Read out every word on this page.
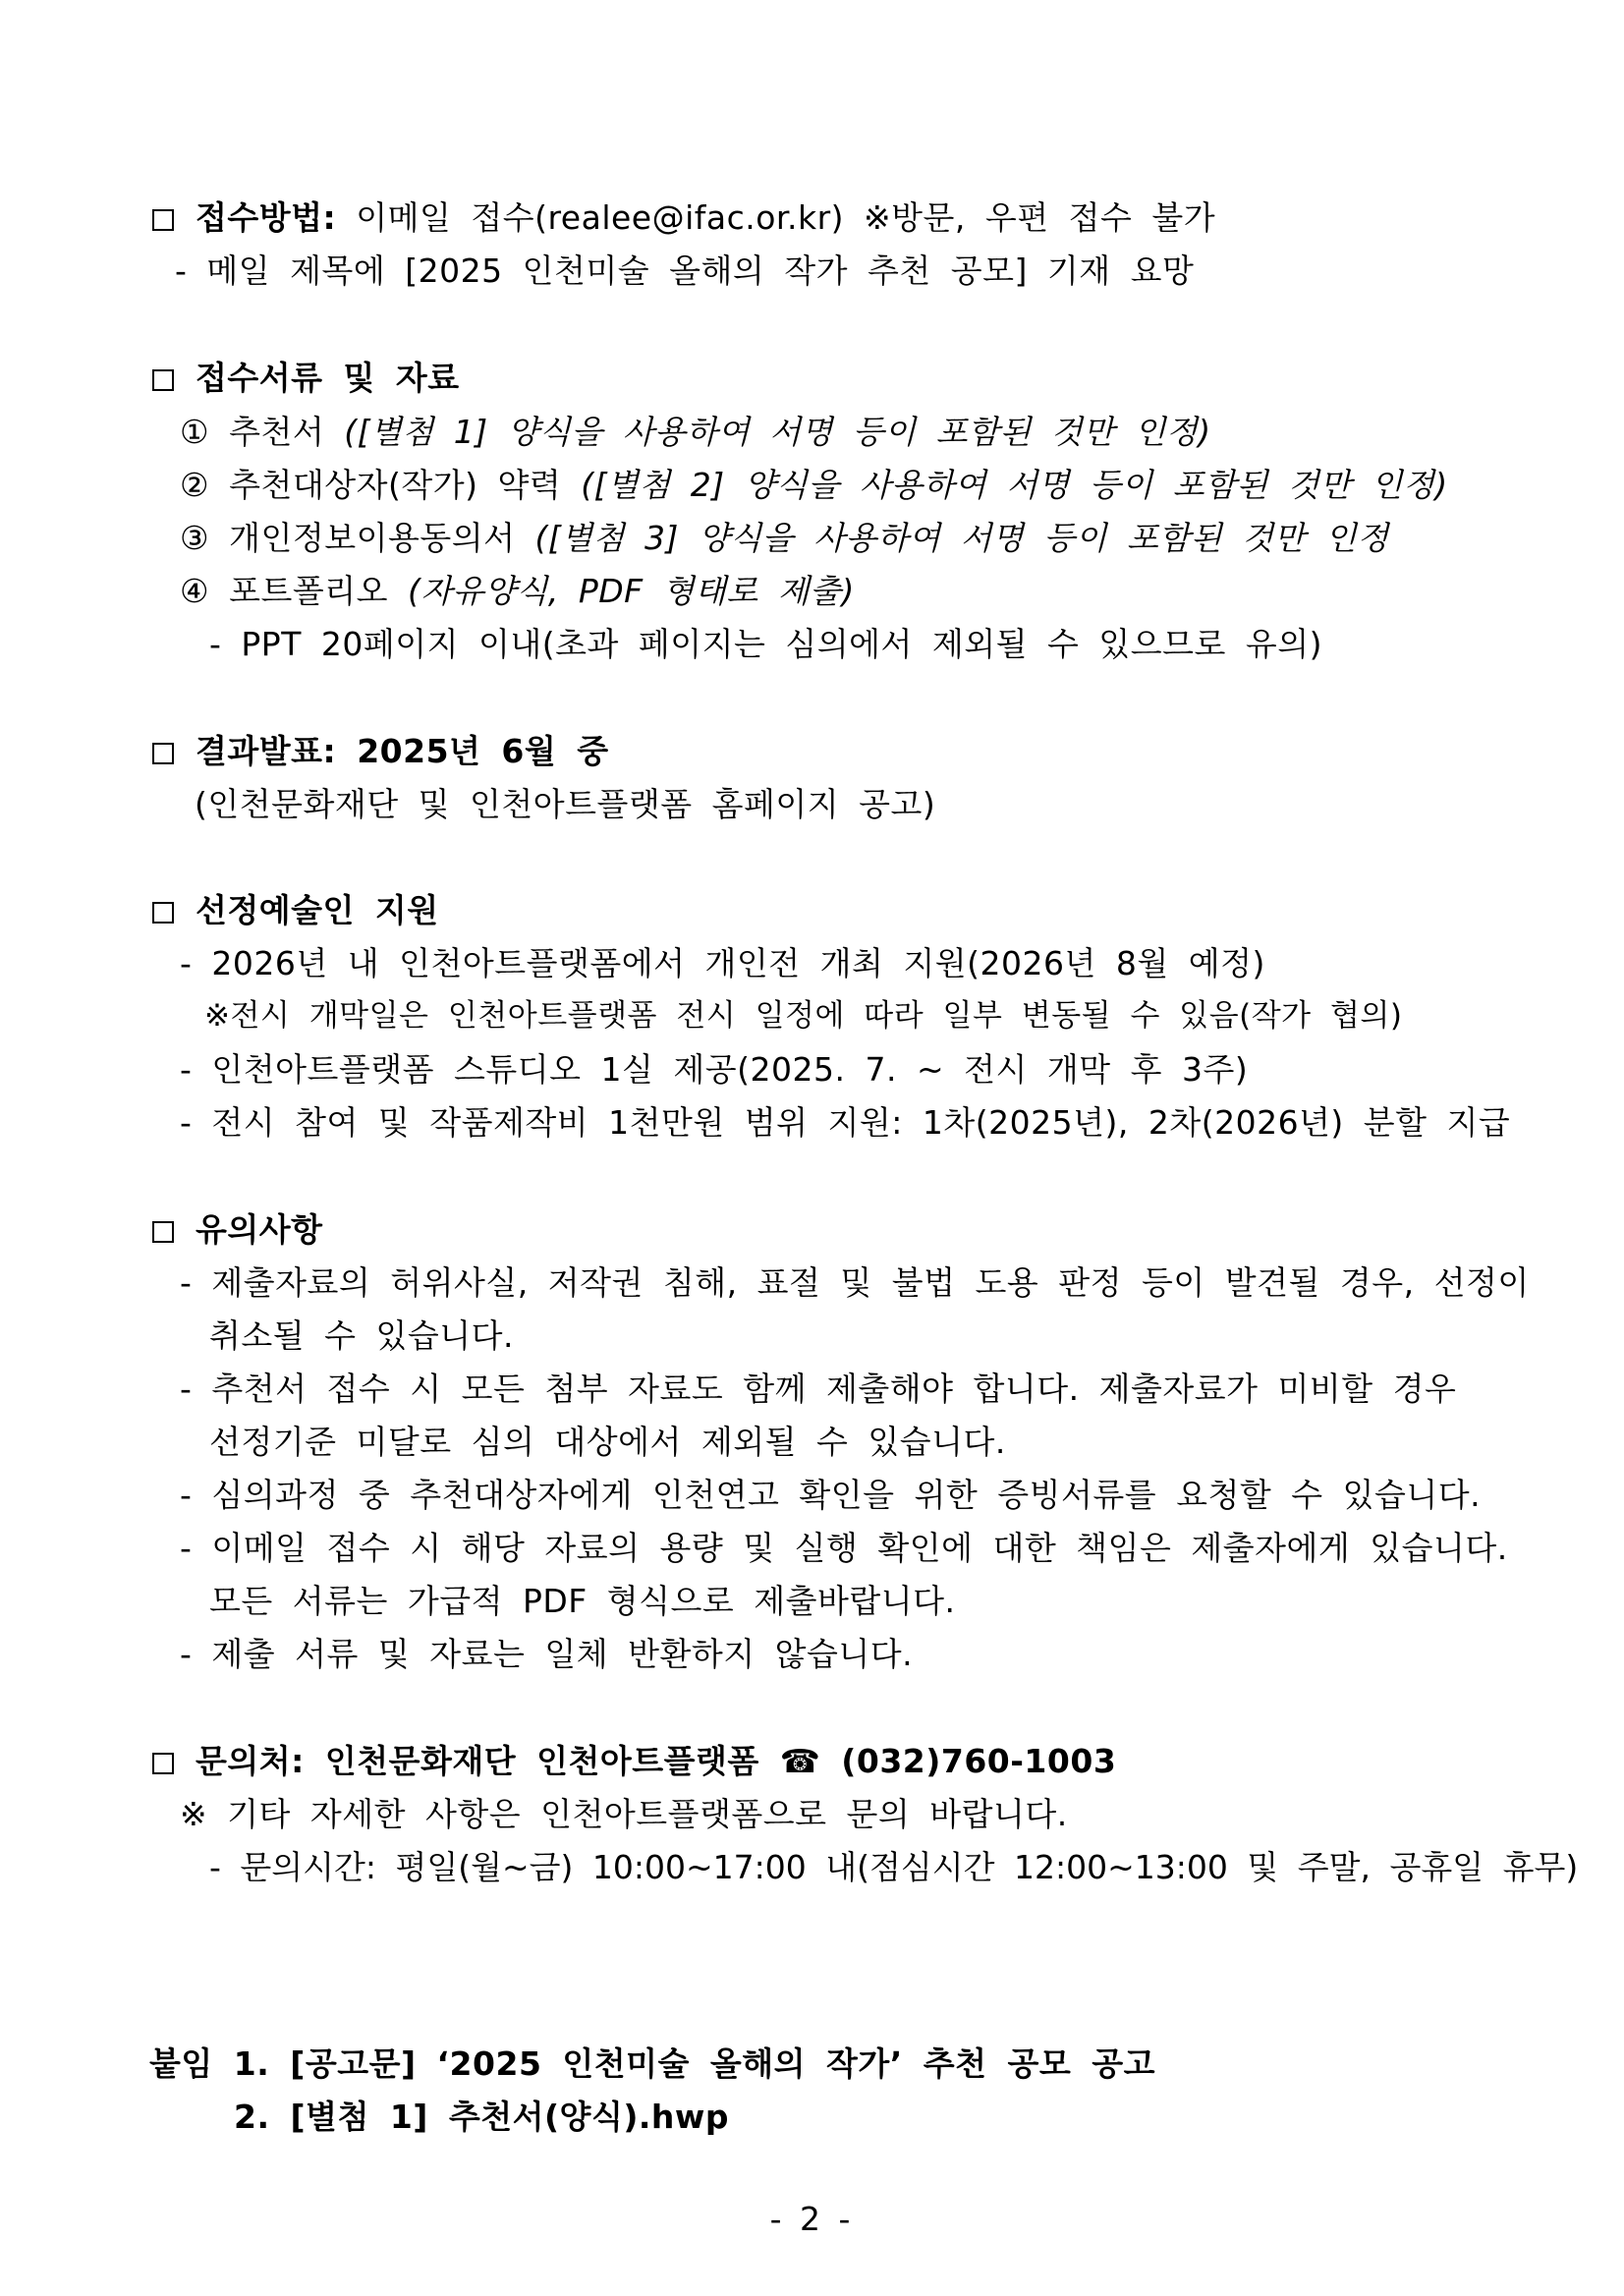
접수방법: 이메일 접수(realee@ifac.or.kr) ※방문, 우편 접수 불가
- 메일 제목에 [2025 인천미술 올해의 작가 추천 공모] 기재 요망
접수서류 및 자료
① 추천서 ([별첨 1] 양식을 사용하여 서명 등이 포함된 것만 인정)
② 추천대상자(작가) 약력 ([별첨 2] 양식을 사용하여 서명 등이 포함된 것만 인정)
③ 개인정보이용동의서 ([별첨 3] 양식을 사용하여 서명 등이 포함된 것만 인정
④ 포트폴리오 (자유양식, PDF 형태로 제출)
- PPT 20페이지 이내(초과 페이지는 심의에서 제외될 수 있으므로 유의)
결과발표: 2025년 6월 중
(인천문화재단 및 인천아트플랫폼 홈페이지 공고)
선정예술인 지원
- 2026년 내 인천아트플랫폼에서 개인전 개최 지원(2026년 8월 예정)
※전시 개막일은 인천아트플랫폼 전시 일정에 따라 일부 변동될 수 있음(작가 협의)
- 인천아트플랫폼 스튜디오 1실 제공(2025. 7. ~ 전시 개막 후 3주)
- 전시 참여 및 작품제작비 1천만원 범위 지원: 1차(2025년), 2차(2026년) 분할 지급
유의사항
- 제출자료의 허위사실, 저작권 침해, 표절 및 불법 도용 판정 등이 발견될 경우, 선정이
취소될 수 있습니다.
- 추천서 접수 시 모든 첨부 자료도 함께 제출해야 합니다. 제출자료가 미비할 경우
선정기준 미달로 심의 대상에서 제외될 수 있습니다.
- 심의과정 중 추천대상자에게 인천연고 확인을 위한 증빙서류를 요청할 수 있습니다.
- 이메일 접수 시 해당 자료의 용량 및 실행 확인에 대한 책임은 제출자에게 있습니다.
모든 서류는 가급적 PDF 형식으로 제출바랍니다.
- 제출 서류 및 자료는 일체 반환하지 않습니다.
문의처: 인천문화재단 인천아트플랫폼 ☎ (032)760-1003
※ 기타 자세한 사항은 인천아트플랫폼으로 문의 바랍니다.
- 문의시간: 평일(월~금) 10:00~17:00 내(점심시간 12:00~13:00 및 주말, 공휴일 휴무)
붙임 1. [공고문] ‘2025 인천미술 올해의 작가’ 추천 공모 공고
2. [별첨 1] 추천서(양식).hwp
- 2 -
